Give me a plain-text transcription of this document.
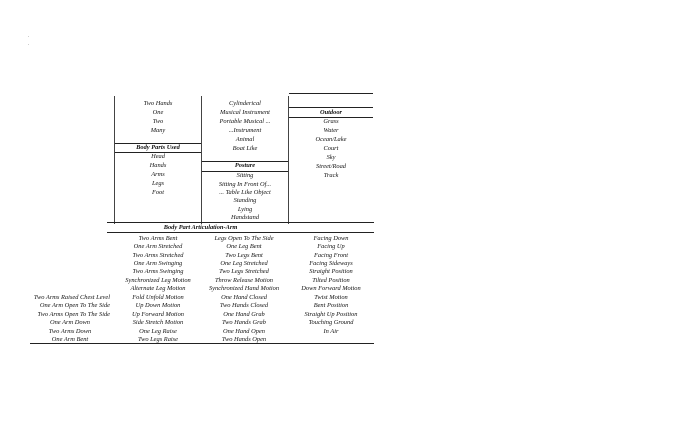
.
.
Two Hands
One
Two
Many
Body Parts Used
Head
Hands
Arms
Legs
Foot
Cylinderical
Musical Instrument
Portable Musical ...
...Instrument
Animal
Boat Like
Posture
Sitting
Sitting In Front Of...
... Table Like Object
Standing
Lying
Handstand
Outdoor
Grass
Water
Ocean/Lake
Court
Sky
Street/Road
Track
Body Part Articulation-Arm
Two Arms Raised Chest Level
One Arm Open To The Side
Two Arms Open To The Side
One Arm Down
Two Arms Down
One Arm Bent
Two Arms Bent
One Arm Stretched
Two Arms Stretched
One Arm Swinging
Two Arms Swinging
Synchronized Leg Motion
Alternate Leg Motion
Fold Unfold Motion
Up Down Motion
Up Forward Motion
Side Stretch Motion
One Leg Raise
Two Legs Raise
Legs Open To The Side
One Leg Bent
Two Legs Bent
One Leg Stretched
Two Legs Stretched
Throw Release Motion
Synchronized Hand Motion
One Hand Closed
Two Hands Closed
One Hand Grab
Two Hands Grab
One Hand Open
Two Hands Open
Facing Down
Facing Up
Facing Front
Facing Sideways
Straight Position
Tilted Position
Down Forward Motion
Twist Motion
Bent Position
Straight Up Position
Touching Ground
In Air
